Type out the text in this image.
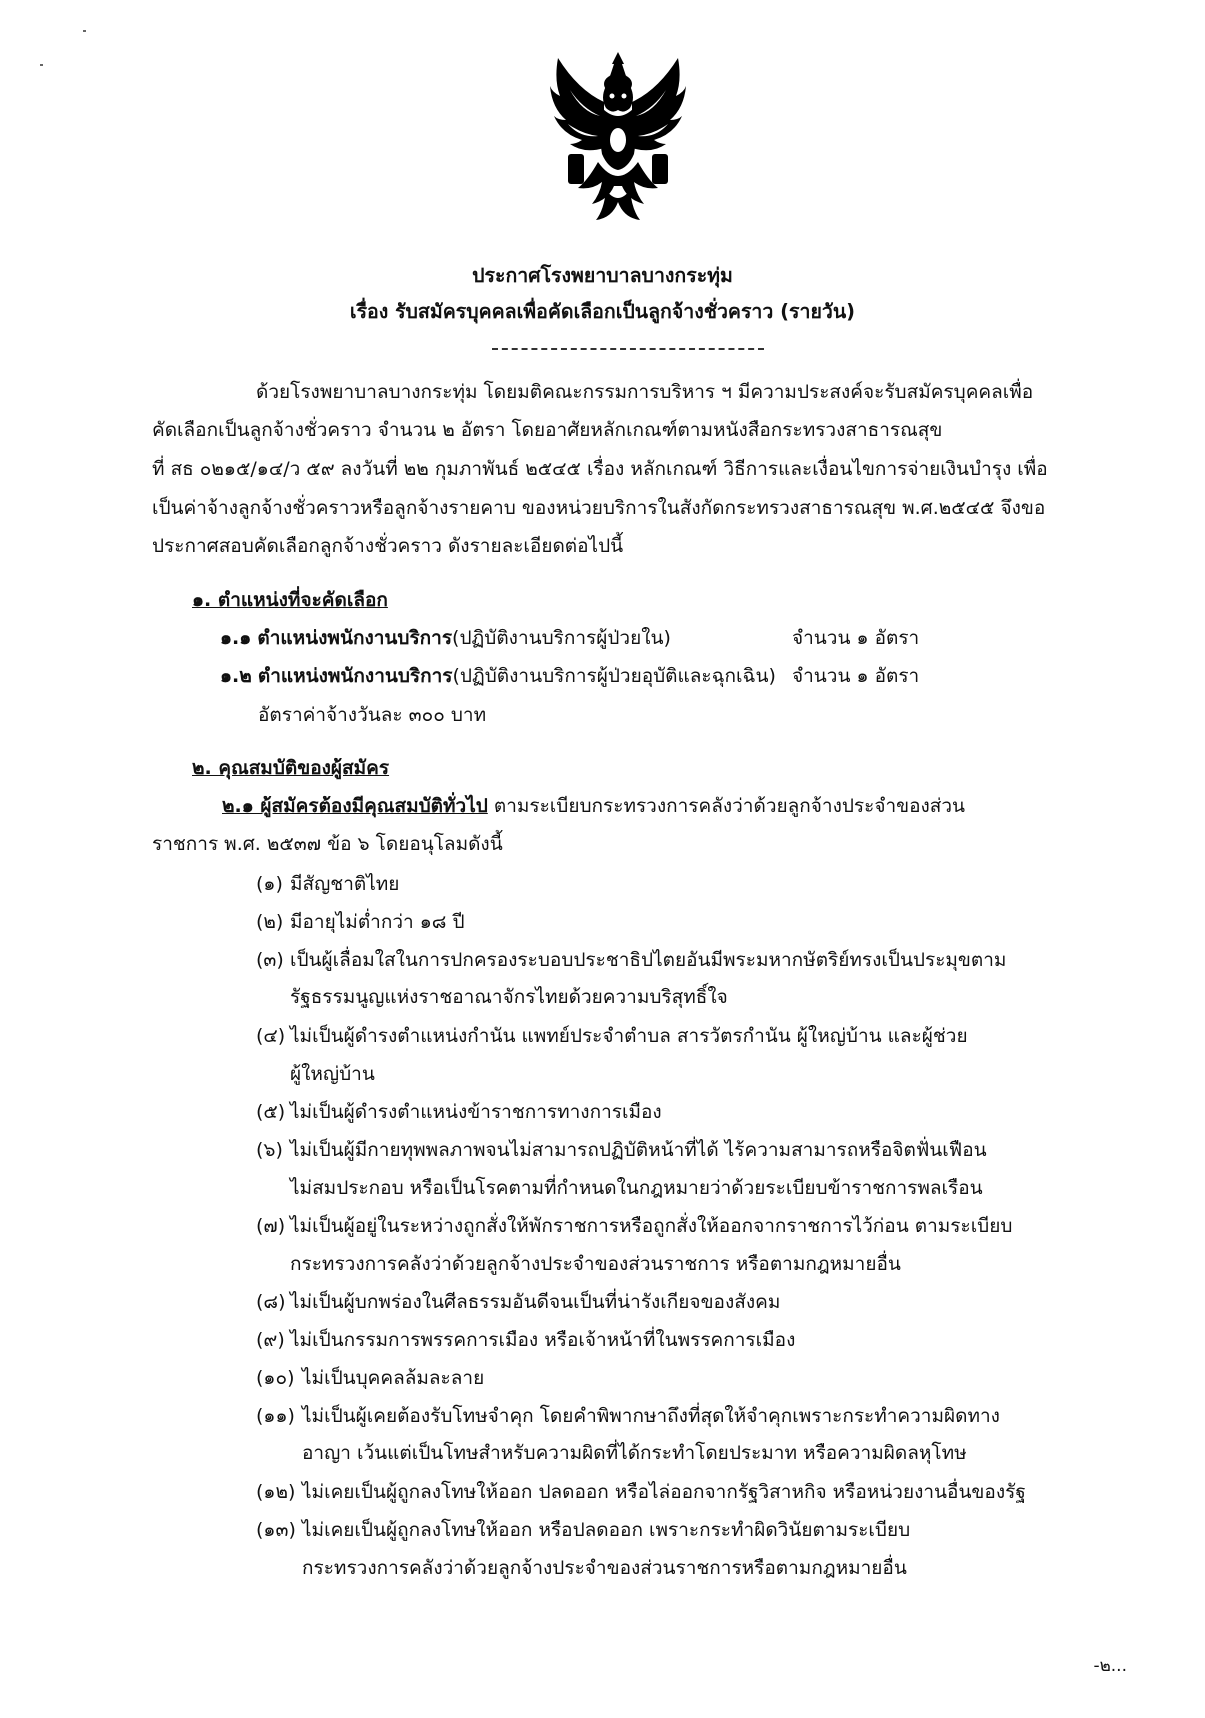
ประกาศโรงพยาบาลบางกระทุ่ม
เรื่อง รับสมัครบุคคลเพื่อคัดเลือกเป็นลูกจ้างชั่วคราว (รายวัน)
ด้วยโรงพยาบาลบางกระทุ่ม โดยมติคณะกรรมการบริหาร ฯ มีความประสงค์จะรับสมัครบุคคลเพื่อ
คัดเลือกเป็นลูกจ้างชั่วคราว จำนวน ๒ อัตรา โดยอาศัยหลักเกณฑ์ตามหนังสือกระทรวงสาธารณสุข
ที่ สธ ๐๒๑๕/๑๔/ว ๕๙ ลงวันที่ ๒๒ กุมภาพันธ์ ๒๕๔๕ เรื่อง หลักเกณฑ์ วิธีการและเงื่อนไขการจ่ายเงินบำรุง เพื่อ
เป็นค่าจ้างลูกจ้างชั่วคราวหรือลูกจ้างรายคาบ ของหน่วยบริการในสังกัดกระทรวงสาธารณสุข พ.ศ.๒๕๔๕ จึงขอ
ประกาศสอบคัดเลือกลูกจ้างชั่วคราว ดังรายละเอียดต่อไปนี้
๑. ตำแหน่งที่จะคัดเลือก
๑.๑ ตำแหน่งพนักงานบริการ(ปฏิบัติงานบริการผู้ป่วยใน)	จำนวน ๑ อัตรา
๑.๒ ตำแหน่งพนักงานบริการ(ปฏิบัติงานบริการผู้ป่วยอุบัติและฉุกเฉิน) จำนวน ๑ อัตรา
อัตราค่าจ้างวันละ ๓๐๐ บาท
๒. คุณสมบัติของผู้สมัคร
๒.๑ ผู้สมัครต้องมีคุณสมบัติทั่วไป ตามระเบียบกระทรวงการคลังว่าด้วยลูกจ้างประจำของส่วน
ราชการ พ.ศ. ๒๕๓๗ ข้อ ๖ โดยอนุโลมดังนี้
(๑) มีสัญชาติไทย
(๒) มีอายุไม่ต่ำกว่า ๑๘ ปี
(๓) เป็นผู้เลื่อมใสในการปกครองระบอบประชาธิปไตยอันมีพระมหากษัตริย์ทรงเป็นประมุขตาม
รัฐธรรมนูญแห่งราชอาณาจักรไทยด้วยความบริสุทธิ์ใจ
(๔) ไม่เป็นผู้ดำรงตำแหน่งกำนัน แพทย์ประจำตำบล สารวัตรกำนัน ผู้ใหญ่บ้าน และผู้ช่วย
ผู้ใหญ่บ้าน
(๕) ไม่เป็นผู้ดำรงตำแหน่งข้าราชการทางการเมือง
(๖) ไม่เป็นผู้มีกายทุพพลภาพจนไม่สามารถปฏิบัติหน้าที่ได้ ไร้ความสามารถหรือจิตฟั่นเฟือน
ไม่สมประกอบ หรือเป็นโรคตามที่กำหนดในกฎหมายว่าด้วยระเบียบข้าราชการพลเรือน
(๗) ไม่เป็นผู้อยู่ในระหว่างถูกสั่งให้พักราชการหรือถูกสั่งให้ออกจากราชการไว้ก่อน ตามระเบียบ
กระทรวงการคลังว่าด้วยลูกจ้างประจำของส่วนราชการ หรือตามกฎหมายอื่น
(๘) ไม่เป็นผู้บกพร่องในศีลธรรมอันดีจนเป็นที่น่ารังเกียจของสังคม
(๙) ไม่เป็นกรรมการพรรคการเมือง หรือเจ้าหน้าที่ในพรรคการเมือง
(๑๐) ไม่เป็นบุคคลล้มละลาย
(๑๑) ไม่เป็นผู้เคยต้องรับโทษจำคุก โดยคำพิพากษาถึงที่สุดให้จำคุกเพราะกระทำความผิดทาง
อาญา เว้นแต่เป็นโทษสำหรับความผิดที่ได้กระทำโดยประมาท หรือความผิดลหุโทษ
(๑๒) ไม่เคยเป็นผู้ถูกลงโทษให้ออก ปลดออก หรือไล่ออกจากรัฐวิสาหกิจ หรือหน่วยงานอื่นของรัฐ
(๑๓) ไม่เคยเป็นผู้ถูกลงโทษให้ออก หรือปลดออก เพราะกระทำผิดวินัยตามระเบียบ
กระทรวงการคลังว่าด้วยลูกจ้างประจำของส่วนราชการหรือตามกฎหมายอื่น
-๒...
